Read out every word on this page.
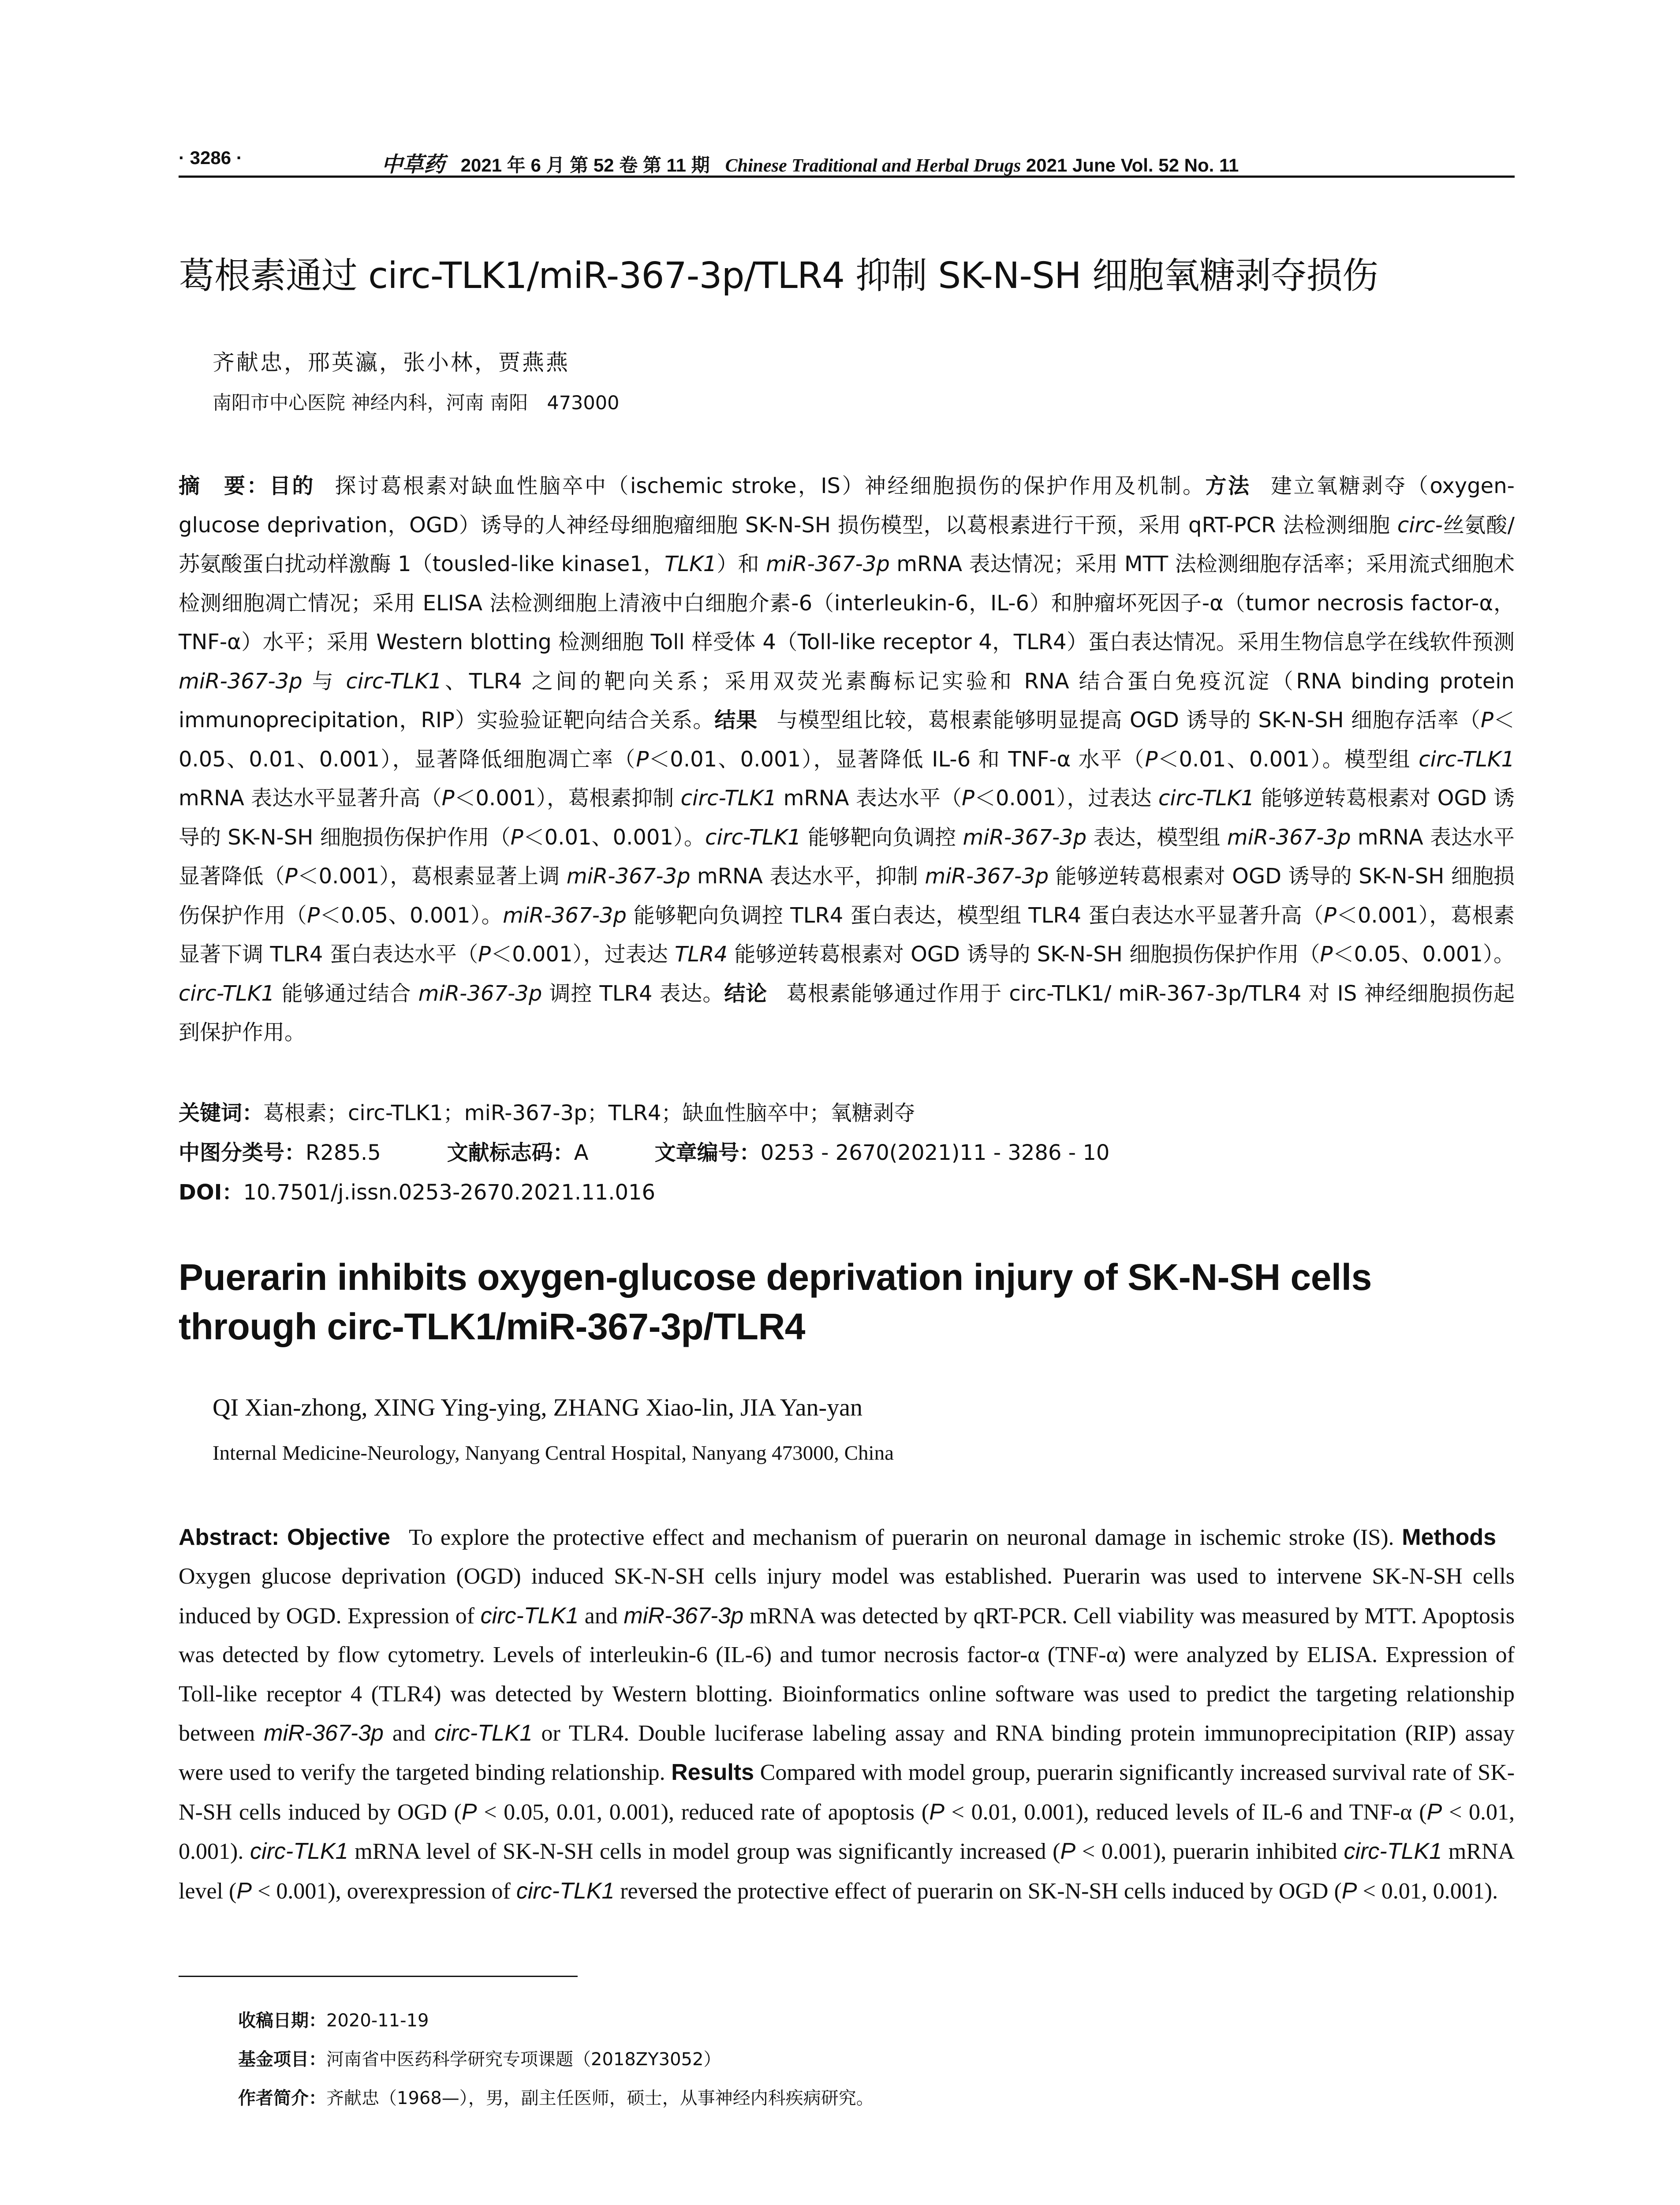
· 3286 ·	中草药 2021 年 6 月 第 52 卷 第 11 期 Chinese Traditional and Herbal Drugs 2021 June Vol. 52 No. 11
葛根素通过 circ-TLK1/miR-367-3p/TLR4 抑制 SK-N-SH 细胞氧糖剥夺损伤
齐献忠，邢英瀛，张小林，贾燕燕
南阳市中心医院 神经内科，河南 南阳　473000
摘　要：目的 探讨葛根素对缺血性脑卒中（ischemic stroke，IS）神经细胞损伤的保护作用及机制。方法 建立氧糖剥夺（oxygen-glucose deprivation，OGD）诱导的人神经母细胞瘤细胞 SK-N-SH 损伤模型，以葛根素进行干预，采用 qRT-PCR 法检测细胞 circ-丝氨酸/苏氨酸蛋白扰动样激酶 1（tousled-like kinase1，TLK1）和 miR-367-3p mRNA 表达情况；采用 MTT 法检测细胞存活率；采用流式细胞术检测细胞凋亡情况；采用 ELISA 法检测细胞上清液中白细胞介素-6（interleukin-6，IL-6）和肿瘤坏死因子-α（tumor necrosis factor-α，TNF-α）水平；采用 Western blotting 检测细胞 Toll 样受体 4（Toll-like receptor 4，TLR4）蛋白表达情况。采用生物信息学在线软件预测 miR-367-3p 与 circ-TLK1、TLR4 之间的靶向关系；采用双荧光素酶标记实验和 RNA 结合蛋白免疫沉淀（RNA binding protein immunoprecipitation，RIP）实验验证靶向结合关系。结果 与模型组比较，葛根素能够明显提高 OGD 诱导的 SK-N-SH 细胞存活率（P＜0.05、0.01、0.001），显著降低细胞凋亡率（P＜0.01、0.001），显著降低 IL-6 和 TNF-α 水平（P＜0.01、0.001）。模型组 circ-TLK1 mRNA 表达水平显著升高（P＜0.001），葛根素抑制 circ-TLK1 mRNA 表达水平（P＜0.001），过表达 circ-TLK1 能够逆转葛根素对 OGD 诱导的 SK-N-SH 细胞损伤保护作用（P＜0.01、0.001）。circ-TLK1 能够靶向负调控 miR-367-3p 表达，模型组 miR-367-3p mRNA 表达水平显著降低（P＜0.001），葛根素显著上调 miR-367-3p mRNA 表达水平，抑制 miR-367-3p 能够逆转葛根素对 OGD 诱导的 SK-N-SH 细胞损伤保护作用（P＜0.05、0.001）。miR-367-3p 能够靶向负调控 TLR4 蛋白表达，模型组 TLR4 蛋白表达水平显著升高（P＜0.001），葛根素显著下调 TLR4 蛋白表达水平（P＜0.001），过表达 TLR4 能够逆转葛根素对 OGD 诱导的 SK-N-SH 细胞损伤保护作用（P＜0.05、0.001）。circ-TLK1 能够通过结合 miR-367-3p 调控 TLR4 表达。结论 葛根素能够通过作用于 circ-TLK1/ miR-367-3p/TLR4 对 IS 神经细胞损伤起到保护作用。
关键词：葛根素；circ-TLK1；miR-367-3p；TLR4；缺血性脑卒中；氧糖剥夺
中图分类号：R285.5	文献标志码：A	文章编号：0253 - 2670(2021)11 - 3286 - 10
DOI：10.7501/j.issn.0253-2670.2021.11.016
Puerarin inhibits oxygen-glucose deprivation injury of SK-N-SH cells through circ-TLK1/miR-367-3p/TLR4
QI Xian-zhong, XING Ying-ying, ZHANG Xiao-lin, JIA Yan-yan
Internal Medicine-Neurology, Nanyang Central Hospital, Nanyang 473000, China
Abstract: Objective To explore the protective effect and mechanism of puerarin on neuronal damage in ischemic stroke (IS). MethodsOxygen glucose deprivation (OGD) induced SK-N-SH cells injury model was established. Puerarin was used to intervene SK-N-SH cells induced by OGD. Expression of circ-TLK1 and miR-367-3p mRNA was detected by qRT-PCR. Cell viability was measured by MTT. Apoptosis was detected by flow cytometry. Levels of interleukin-6 (IL-6) and tumor necrosis factor-α (TNF-α) were analyzed by ELISA. Expression of Toll-like receptor 4 (TLR4) was detected by Western blotting. Bioinformatics online software was used to predict the targeting relationship between miR-367-3p and circ-TLK1 or TLR4. Double luciferase labeling assay and RNA binding protein immunoprecipitation (RIP) assay were used to verify the targeted binding relationship. Results Compared with model group, puerarin significantly increased survival rate of SK-N-SH cells induced by OGD (P < 0.05, 0.01, 0.001), reduced rate of apoptosis (P < 0.01, 0.001), reduced levels of IL-6 and TNF-α (P < 0.01, 0.001). circ-TLK1 mRNA level of SK-N-SH cells in model group was significantly increased (P < 0.001), puerarin inhibited circ-TLK1 mRNA level (P < 0.001), overexpression of circ-TLK1 reversed the protective effect of puerarin on SK-N-SH cells induced by OGD (P < 0.01, 0.001).
收稿日期：2020-11-19
基金项目：河南省中医药科学研究专项课题（2018ZY3052）
作者简介：齐献忠（1968—），男，副主任医师，硕士，从事神经内科疾病研究。
